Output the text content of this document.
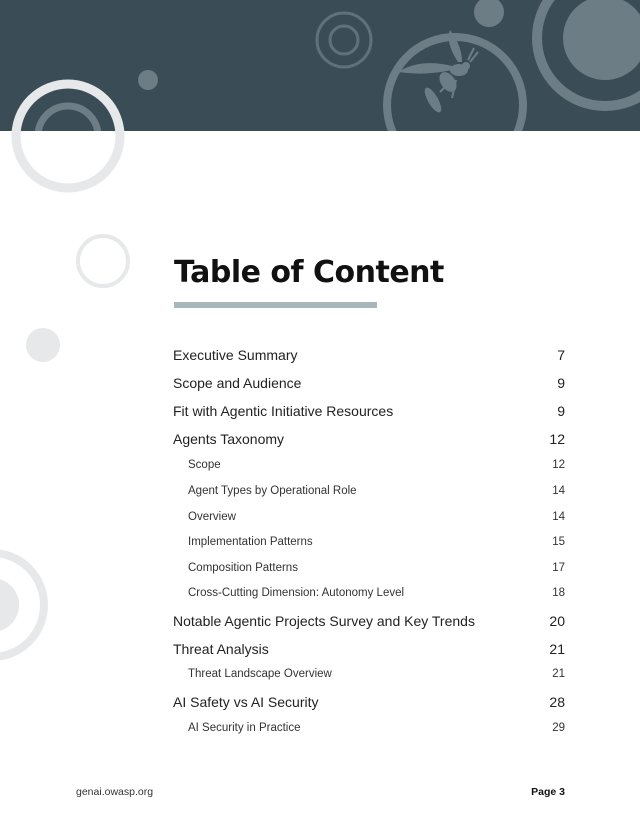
Table of Content
Executive Summary	7
Scope and Audience	9
Fit with Agentic Initiative Resources	9
Agents Taxonomy	12
Scope	12
Agent Types by Operational Role	14
Overview	14
Implementation Patterns	15
Composition Patterns	17
Cross-Cutting Dimension: Autonomy Level	18
Notable Agentic Projects Survey and Key Trends	20
Threat Analysis	21
Threat Landscape Overview	21
AI Safety vs AI Security	28
AI Security in Practice	29
genai.owasp.org	Page 3
